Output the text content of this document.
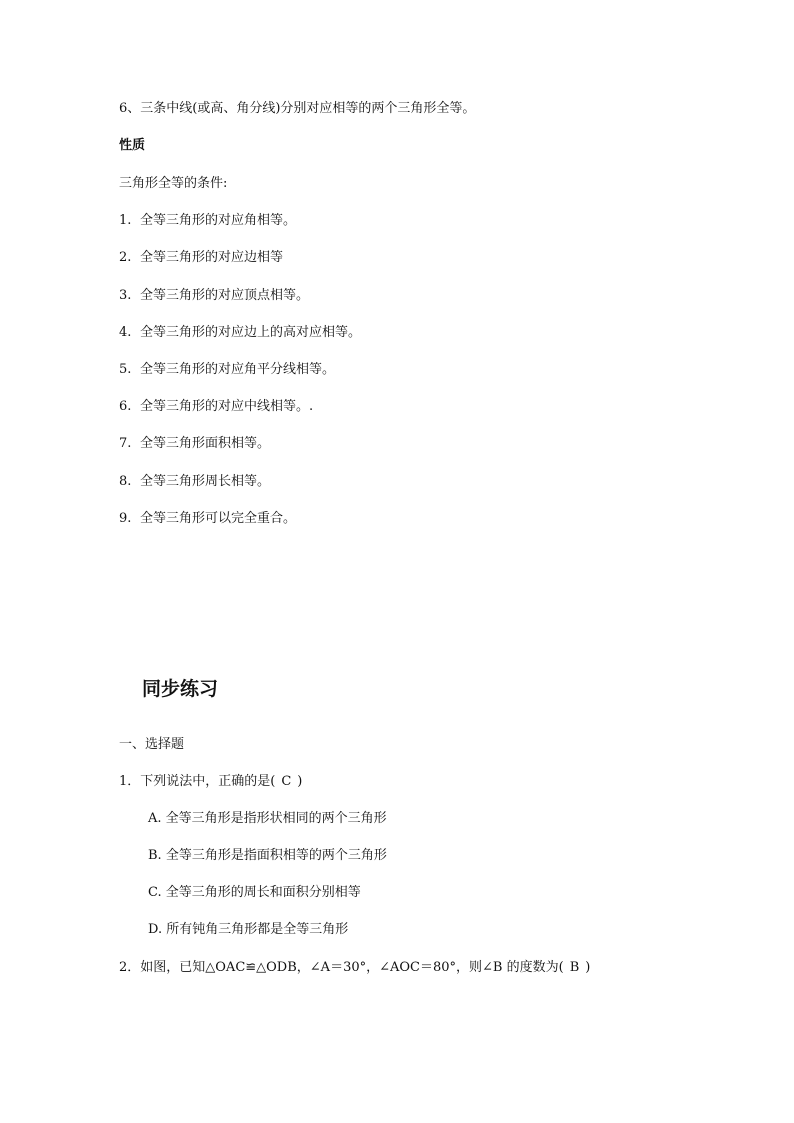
6、三条中线(或高、角分线)分别对应相等的两个三角形全等。
性质
三角形全等的条件:
1. 全等三角形的对应角相等。
2. 全等三角形的对应边相等
3. 全等三角形的对应顶点相等。
4. 全等三角形的对应边上的高对应相等。
5. 全等三角形的对应角平分线相等。
6. 全等三角形的对应中线相等。.
7. 全等三角形面积相等。
8. 全等三角形周长相等。
9. 全等三角形可以完全重合。
同步练习
一、选择题
1．下列说法中，正确的是( C )
A. 全等三角形是指形状相同的两个三角形
B. 全等三角形是指面积相等的两个三角形
C. 全等三角形的周长和面积分别相等
D. 所有钝角三角形都是全等三角形
2．如图，已知△OAC≌△ODB，∠A＝30°，∠AOC＝80°，则∠B 的度数为( B )
